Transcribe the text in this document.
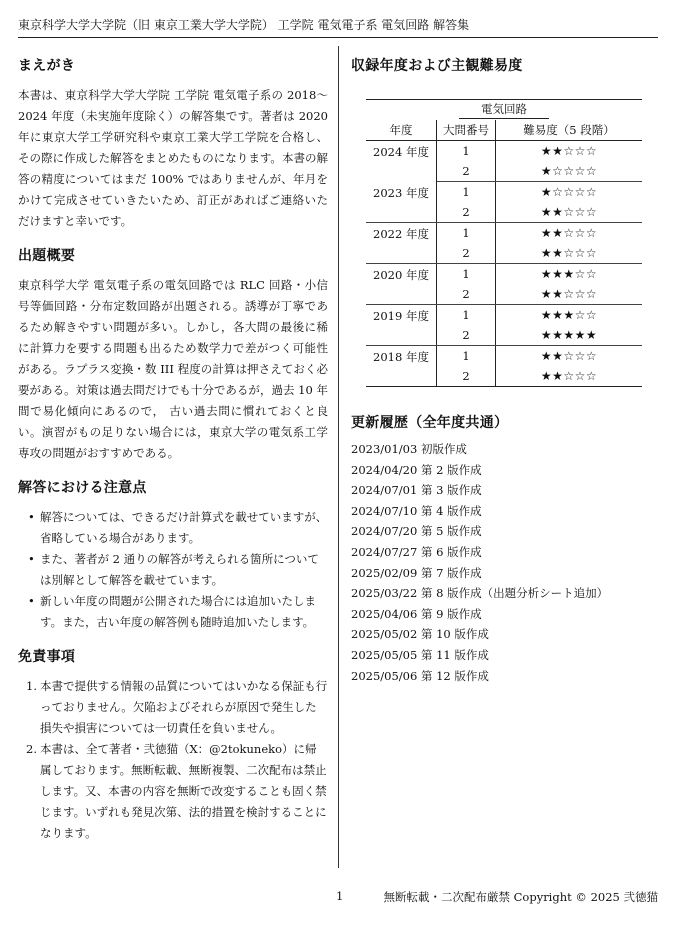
東京科学大学大学院（旧 東京工業大学大学院） 工学院 電気電子系 電気回路 解答集
まえがき

本書は、東京科学大学大学院 工学院 電気電子系の 2018〜2024 年度（未実施年度除く）の解答集です。著者は 2020 年に東京大学工学研究科や東京工業大学工学院を合格し、その際に作成した解答をまとめたものになります。本書の解答の精度についてはまだ 100% ではありませんが、年月をかけて完成させていきたいため、訂正があればご連絡いただけますと幸いです。

出題概要

東京科学大学 電気電子系の電気回路では RLC 回路・小信号等価回路・分布定数回路が出題される。誘導が丁寧であるため解きやすい問題が多い。しかし，各大問の最後に稀に計算力を要する問題も出るため数学力で差がつく可能性がある。ラプラス変換・数 III 程度の計算は押さえておく必要がある。対策は過去問だけでも十分であるが，過去 10 年間で易化傾向にあるので， 古い過去問に慣れておくと良い。演習がもの足りない場合には，東京大学の電気系工学専攻の問題がおすすめである。

解答における注意点
• 解答については、できるだけ計算式を載せていますが、省略している場合があります。
• また、著者が 2 通りの解答が考えられる箇所については別解として解答を載せています。
• 新しい年度の問題が公開された場合には追加いたします。また，古い年度の解答例も随時追加いたします。
免責事項
1. 本書で提供する情報の品質についてはいかなる保証も行っておりません。欠陥およびそれらが原因で発生した損失や損害については一切責任を負いません。
2. 本書は、全て著者・弐徳猫（X：@2tokuneko）に帰属しております。無断転載、無断複製、二次配布は禁止します。又、本書の内容を無断で改変することも固く禁じます。いずれも発見次第、法的措置を検討することになります。
収録年度および主観難易度
電気回路		
年度	大問番号	難易度（5 段階）
2024 年度	1	★★☆☆☆
	2	★☆☆☆☆
2023 年度	1	★☆☆☆☆
	2	★★☆☆☆
2022 年度	1	★★☆☆☆
	2	★★☆☆☆
2020 年度	1	★★★☆☆
	2	★★☆☆☆
2019 年度	1	★★★☆☆
	2	★★★★★
2018 年度	1	★★☆☆☆
	2	★★☆☆☆
更新履歴（全年度共通）
2023/01/03 初版作成
2024/04/20 第 2 版作成
2024/07/01 第 3 版作成
2024/07/10 第 4 版作成
2024/07/20 第 5 版作成
2024/07/27 第 6 版作成
2025/02/09 第 7 版作成
2025/03/22 第 8 版作成（出題分析シート追加）
2025/04/06 第 9 版作成
2025/05/02 第 10 版作成
2025/05/05 第 11 版作成
2025/05/06 第 12 版作成
1	無断転載・二次配布厳禁 Copyright © 2025 弐徳猫
